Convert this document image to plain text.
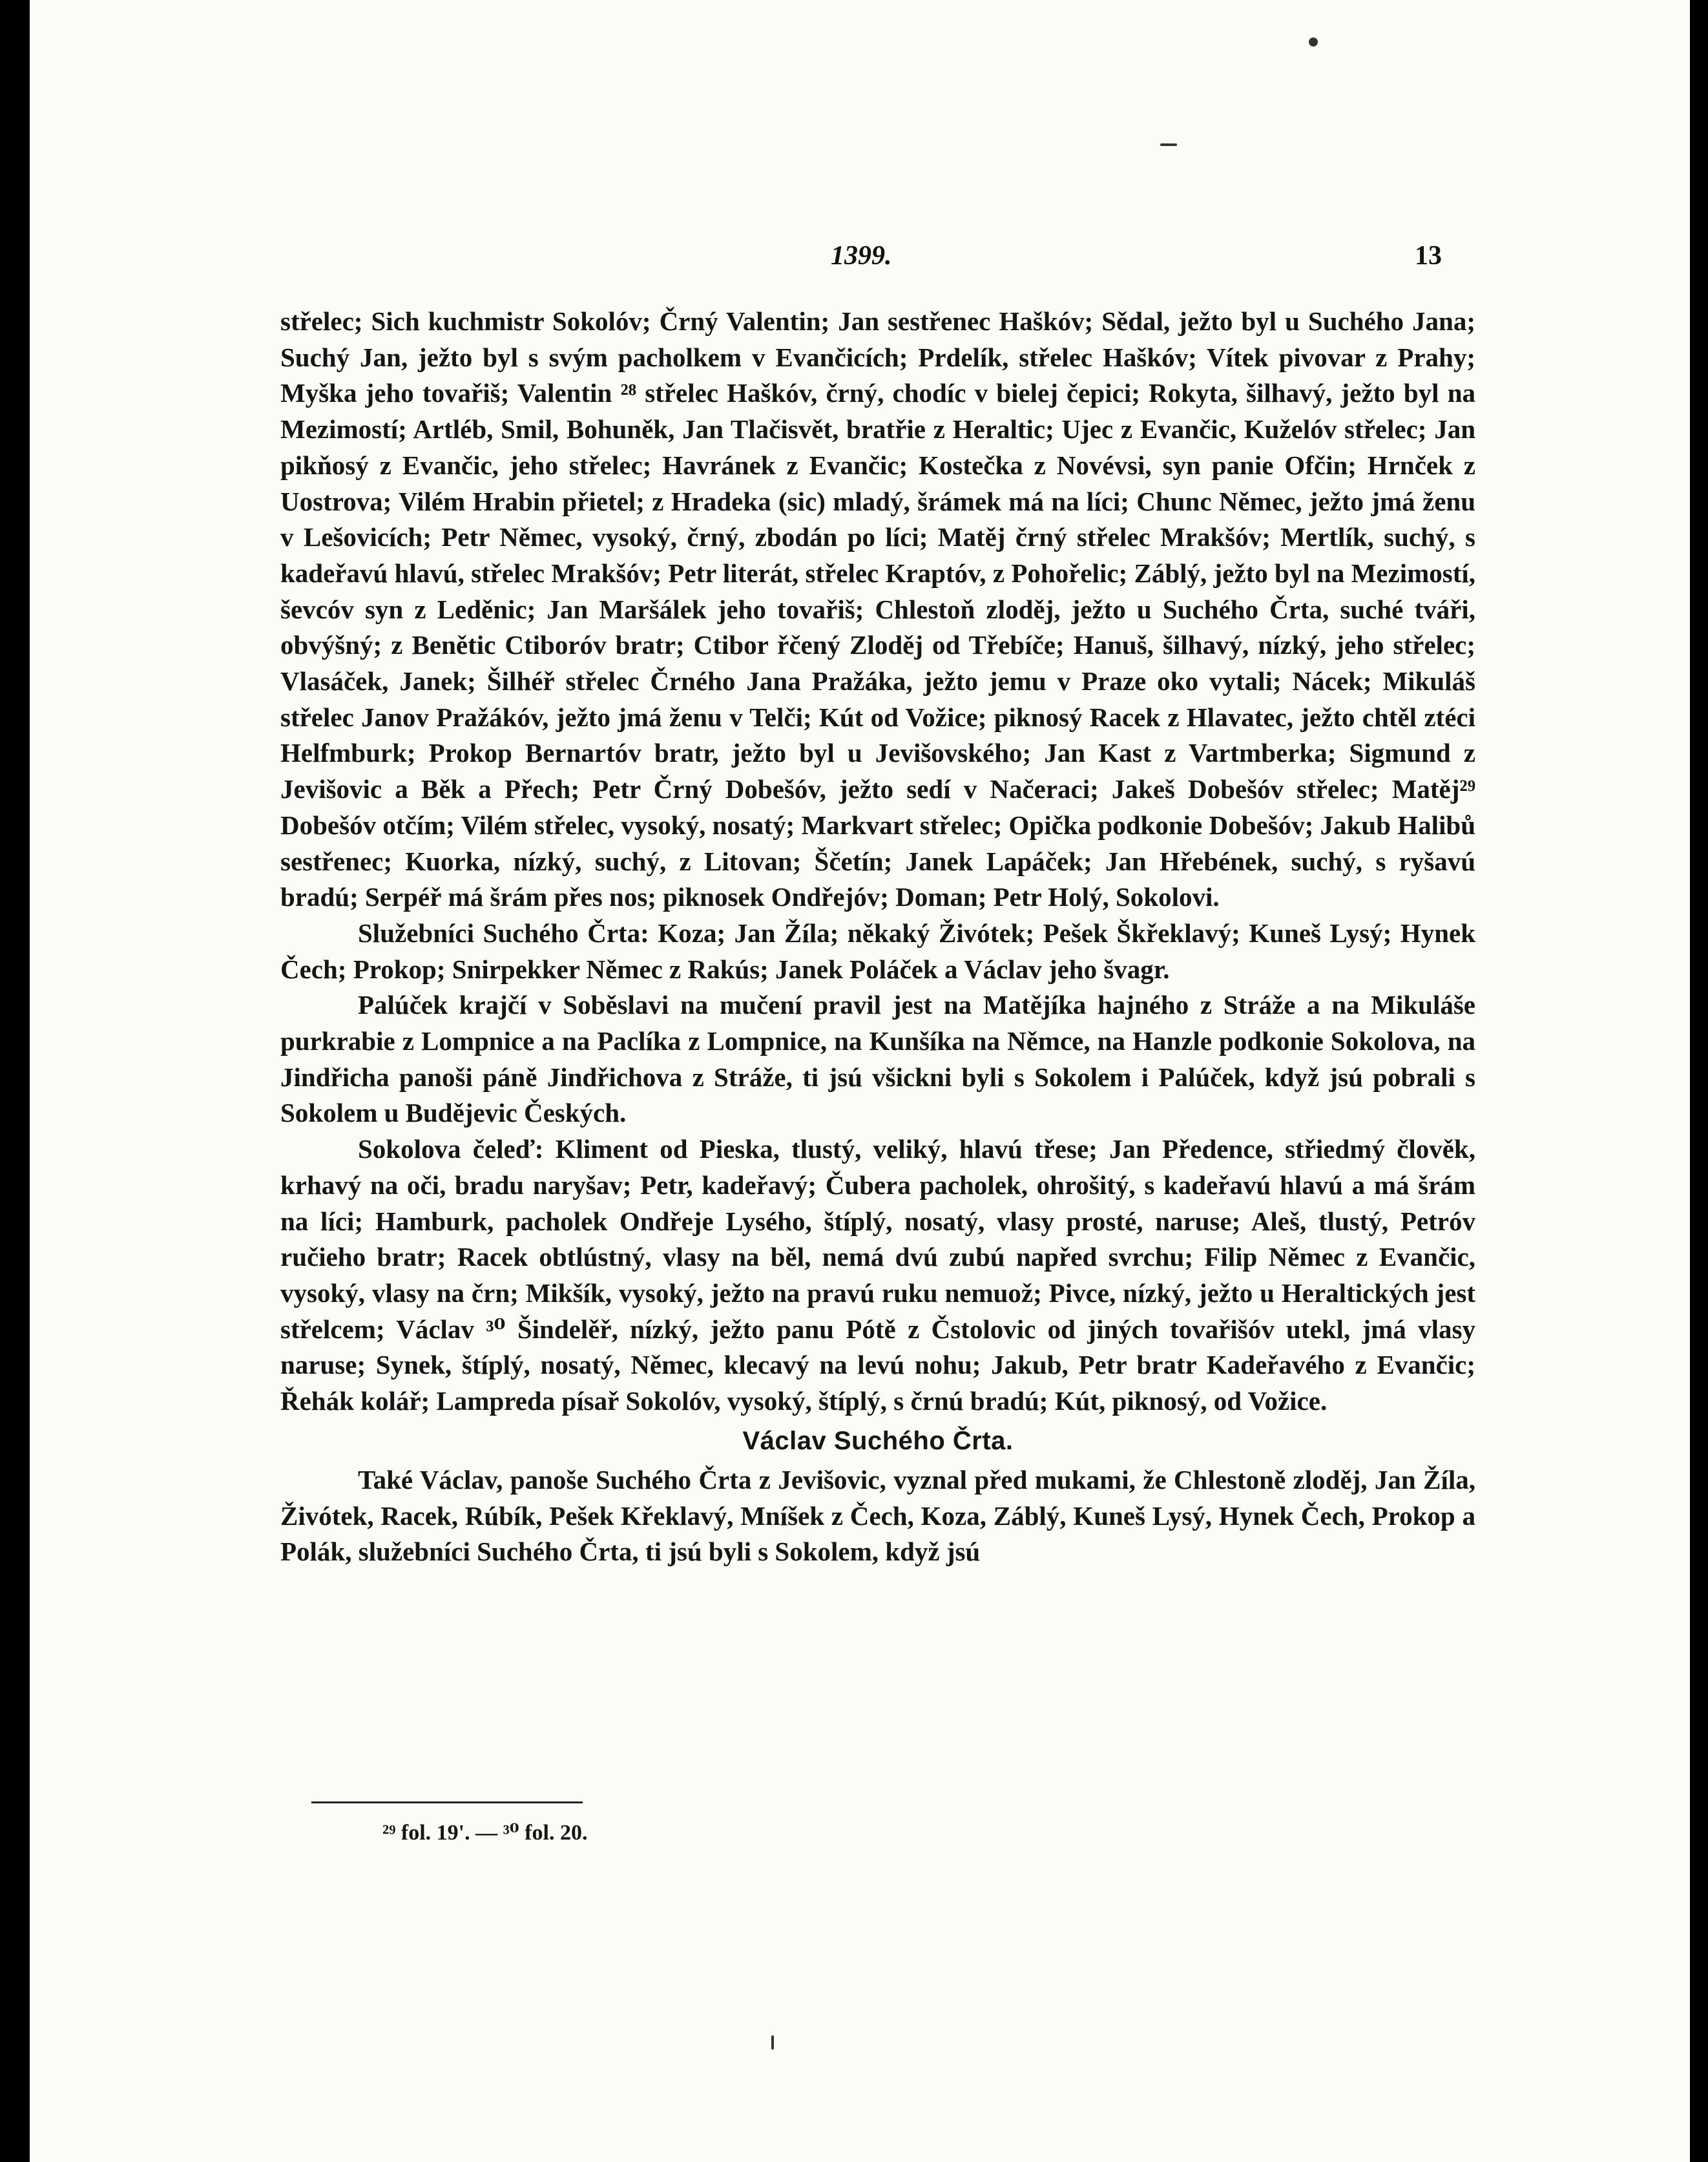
1399.	13

střelec; Sich kuchmistr Sokolóv; Črný Valentin; Jan sestřenec Haškóv; Sědal, ježto byl u Suchého Jana; Suchý Jan, ježto byl s svým pacholkem v Evančicích; Prdelík, střelec Haškóv; Vítek pivovar z Prahy; Myška jeho tovařiš; Valentin ²⁸ střelec Haškóv, črný, chodíc v bielej čepici; Rokyta, šilhavý, ježto byl na Mezimostí; Artléb, Smil, Bohuněk, Jan Tlačisvět, bratřie z Heraltic; Ujec z Evančic, Kuželóv střelec; Jan pikňosý z Evančic, jeho střelec; Havránek z Evančic; Kostečka z Novévsi, syn panie Ofčin; Hrnček z Uostrova; Vilém Hrabin přietel; z Hradeka (sic) mladý, šrámek má na líci; Chunc Němec, ježto jmá ženu v Lešovicích; Petr Němec, vysoký, črný, zbodán po líci; Matěj črný střelec Mrakšóv; Mertlík, suchý, s kadeřavú hlavú, střelec Mrakšóv; Petr literát, střelec Kraptóv, z Pohořelic; Záblý, ježto byl na Mezimostí, ševcóv syn z Leděnic; Jan Maršálek jeho tovařiš; Chlestoň zloděj, ježto u Suchého Črta, suché tváři, obvýšný; z Benětic Ctiboróv bratr; Ctibor řčený Zloděj od Třebíče; Hanuš, šilhavý, nízký, jeho střelec; Vlasáček, Janek; Šilhéř střelec Črného Jana Pražáka, ježto jemu v Praze oko vytali; Nácek; Mikuláš střelec Janov Pražákóv, ježto jmá ženu v Telči; Kút od Vožice; piknosý Racek z Hlavatec, ježto chtěl ztéci Helfmburk; Prokop Bernartóv bratr, ježto byl u Jevišovského; Jan Kast z Vartmberka; Sigmund z Jevišovic a Běk a Přech; Petr Črný Dobešóv, ježto sedí v Načeraci; Jakeš Dobešóv střelec; Matěj²⁹ Dobešóv otčím; Vilém střelec, vysoký, nosatý; Markvart střelec; Opička podkonie Dobešóv; Jakub Halibů sestřenec; Kuorka, nízký, suchý, z Litovan; Ščetín; Janek Lapáček; Jan Hřebének, suchý, s ryšavú bradú; Serpéř má šrám přes nos; piknosek Ondřejóv; Doman; Petr Holý, Sokolovi.

Služebníci Suchého Črta: Koza; Jan Žíla; někaký Živótek; Pešek Škřeklavý; Kuneš Lysý; Hynek Čech; Prokop; Snirpekker Němec z Rakús; Janek Poláček a Václav jeho švagr.

Palúček krajčí v Soběslavi na mučení pravil jest na Matějíka hajného z Stráže a na Mikuláše purkrabie z Lompnice a na Paclíka z Lompnice, na Kunšíka na Němce, na Hanzle podkonie Sokolova, na Jindřicha panoši páně Jindřichova z Stráže, ti jsú všickni byli s Sokolem i Palúček, když jsú pobrali s Sokolem u Budějevic Českých.

Sokolova čeleď: Kliment od Pieska, tlustý, veliký, hlavú třese; Jan Předence, střiedmý člověk, krhavý na oči, bradu naryšav; Petr, kadeřavý; Čubera pacholek, ohrošitý, s kadeřavú hlavú a má šrám na líci; Hamburk, pacholek Ondřeje Lysého, štíplý, nosatý, vlasy prosté, naruse; Aleš, tlustý, Petróv ručieho bratr; Racek obtlústný, vlasy na běl, nemá dvú zubú napřed svrchu; Filip Němec z Evančic, vysoký, vlasy na črn; Mikšík, vysoký, ježto na pravú ruku nemuož; Pivce, nízký, ježto u Heraltických jest střelcem; Václav ³⁰ Šindelěř, nízký, ježto panu Pótě z Čstolovic od jiných tovařišóv utekl, jmá vlasy naruse; Synek, štíplý, nosatý, Němec, klecavý na levú nohu; Jakub, Petr bratr Kadeřavého z Evančic; Řehák kolář; Lampreda písař Sokolóv, vysoký, štíplý, s črnú bradú; Kút, piknosý, od Vožice.

Václav Suchého Črta.

Také Václav, panoše Suchého Črta z Jevišovic, vyznal před mukami, že Chlestoně zloděj, Jan Žíla, Živótek, Racek, Rúbík, Pešek Křeklavý, Mníšek z Čech, Koza, Záblý, Kuneš Lysý, Hynek Čech, Prokop a Polák, služebníci Suchého Črta, ti jsú byli s Sokolem, když jsú

²⁹ fol. 19'. — ³⁰ fol. 20.
